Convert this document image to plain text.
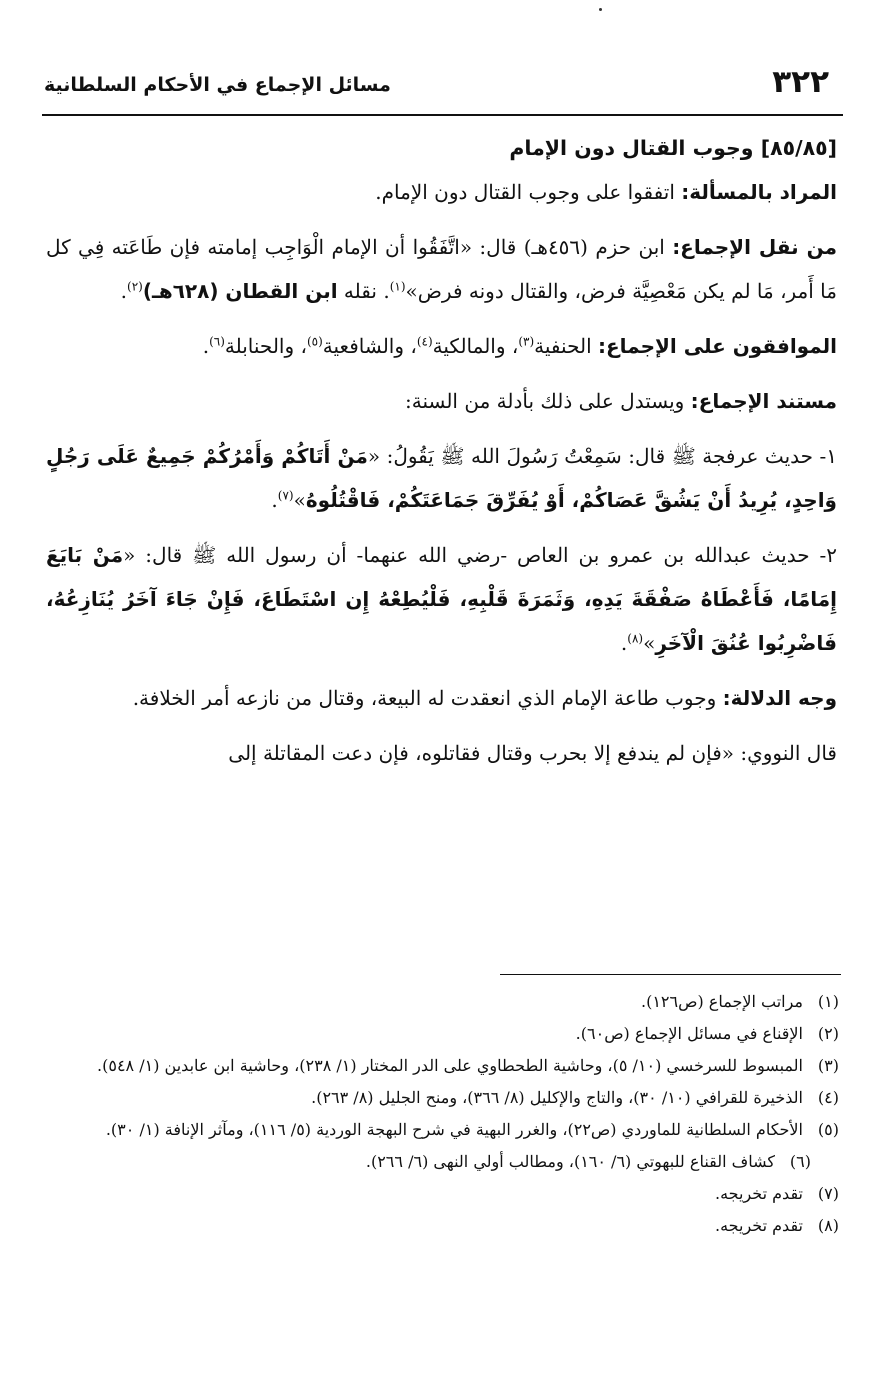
٣٢٢
مسائل الإجماع في الأحكام السلطانية

[٨٥/٨٥] وجوب القتال دون الإمام

المراد بالمسألة: اتفقوا على وجوب القتال دون الإمام.

من نقل الإجماع: ابن حزم (٤٥٦هـ) قال: «اتَّفَقُوا أن الإمام الْوَاجِب إمامته فإن طَاعَته فِي كل مَا أَمر، مَا لم يكن مَعْصِيَّة فرض، والقتال دونه فرض»$^{(١)}$. نقله ابن القطان (٦٢٨هـ)$^{(٢)}$.

الموافقون على الإجماع: الحنفية$^{(٣)}$، والمالكية$^{(٤)}$، والشافعية$^{(٥)}$، والحنابلة$^{(٦)}$.

مستند الإجماع: ويستدل على ذلك بأدلة من السنة:

١- حديث عرفجة ﷺ قال: سَمِعْتُ رَسُولَ الله ﷺ يَقُولُ: «مَنْ أَتَاكُمْ وَأَمْرُكُمْ جَمِيعٌ عَلَى رَجُلٍ وَاحِدٍ، يُرِيدُ أَنْ يَشُقَّ عَصَاكُمْ، أَوْ يُفَرِّقَ جَمَاعَتَكُمْ، فَاقْتُلُوهُ»$^{(٧)}$.

٢- حديث عبدالله بن عمرو بن العاص -رضي الله عنهما- أن رسول الله ﷺ قال: «مَنْ بَايَعَ إِمَامًا، فَأَعْطَاهُ صَفْقَةَ يَدِهِ، وَثَمَرَةَ قَلْبِهِ، فَلْيُطِعْهُ إِن اسْتَطَاعَ، فَإِنْ جَاءَ آخَرُ يُنَازِعُهُ، فَاضْرِبُوا عُنُقَ الْآخَرِ»$^{(٨)}$.

وجه الدلالة: وجوب طاعة الإمام الذي انعقدت له البيعة، وقتال من نازعه أمر الخلافة.

قال النووي: «فإن لم يندفع إلا بحرب وقتال فقاتلوه، فإن دعت المقاتلة إلى

(١)
مراتب الإجماع (ص١٢٦).

(٢)
الإقناع في مسائل الإجماع (ص٦٠).

(٣)
المبسوط للسرخسي (١٠/ ٥)، وحاشية الطحطاوي على الدر المختار (١/ ٢٣٨)، وحاشية ابن عابدين (١/ ٥٤٨).

(٤)
الذخيرة للقرافي (١٠/ ٣٠)، والتاج والإكليل (٨/ ٣٦٦)، ومنح الجليل (٨/ ٢٦٣).

(٥)
الأحكام السلطانية للماوردي (ص٢٢)، والغرر البهية في شرح البهجة الوردية (٥/ ١١٦)، ومآثر الإنافة (١/ ٣٠).

(٦)
كشاف القناع للبهوتي (٦/ ١٦٠)، ومطالب أولي النهى (٦/ ٢٦٦).

(٧)
تقدم تخريجه.

(٨)
تقدم تخريجه.
